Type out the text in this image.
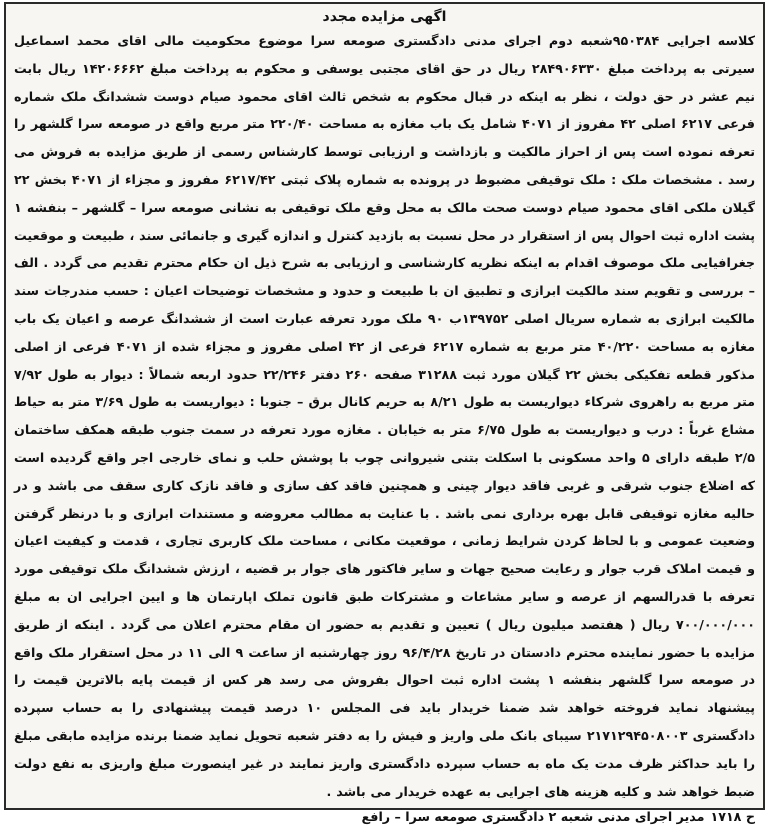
اگهی مزایده مجدد

کلاسه اجرایی ۹۵۰۳۸۴شعبه دوم اجرای مدنی دادگستری صومعه سرا موضوع محکومیت مالی اقای محمد اسماعیل سیرتی به پرداخت مبلغ ۲۸۴۹۰۶۳۳۰ ریال در حق اقای مجتبی یوسفی و محکوم به پرداخت مبلغ ۱۴۲۰۶۶۶۲ ریال بابت نیم عشر در حق دولت ، نظر به اینکه در قبال محکوم به شخص ثالث اقای محمود صیام دوست ششدانگ ملک شماره فرعی ۶۲۱۷ اصلی ۴۲ مفروز از ۴۰۷۱ شامل یک باب مغازه به مساحت ۲۲۰/۴۰ متر مربع واقع در صومعه سرا گلشهر را تعرفه نموده است پس از احراز مالکیت و بازداشت و ارزیابی توسط کارشناس رسمی از طریق مزایده به فروش می رسد . مشخصات ملک : ملک توقیفی مضبوط در پرونده به شماره پلاک ثبتی ۶۲۱۷/۴۲ مفروز و مجزاء از ۴۰۷۱ بخش ۲۲ گیلان ملکی اقای محمود صیام دوست صحت مالک به محل وقع ملک توقیفی به نشانی صومعه سرا – گلشهر – بنفشه ۱ پشت اداره ثبت احوال پس از استقرار در محل نسبت به بازدید کنترل و اندازه گیری و جانمائی سند ، طبیعت و موقعیت جغرافیایی ملک موصوف اقدام به اینکه نظریه کارشناسی و ارزیابی به شرح ذیل ان حکام محترم تقدیم می گردد . الف – بررسی و تقویم سند مالکیت ابرازی و تطبیق ان با طبیعت و حدود و مشخصات توضیحات اعیان : حسب مندرجات سند مالکیت ابرازی به شماره سریال اصلی ۱۳۹۷۵۲ب ۹۰ ملک مورد تعرفه عبارت است از ششدانگ عرصه و اعیان یک باب مغازه به مساحت ۴۰/۲۲۰ متر مربع به شماره ۶۲۱۷ فرعی از ۴۲ اصلی مفروز و مجزاء شده از ۴۰۷۱ فرعی از اصلی مذکور قطعه تفکیکی بخش ۲۲ گیلان مورد ثبت ۳۱۲۸۸ صفحه ۲۶۰ دفتر ۲۲/۲۴۶ حدود اربعه شمالاً : دیوار به طول ۷/۹۲ متر مربع به راهروی شرکاء دیواریست به طول ۸/۲۱ به حریم کانال برق – جنوبا : دیواریست به طول ۳/۶۹ متر به حیاط مشاع غرباً : درب و دیواریست به طول ۶/۷۵ متر به خیابان . مغازه مورد تعرفه در سمت جنوب طبقه همکف ساختمان ۲/۵ طبقه دارای ۵ واحد مسکونی با اسکلت بتنی شیروانی چوب با پوشش حلب و نمای خارجی اجر واقع گردیده است که اضلاع جنوب شرقی و غربی فاقد دیوار چینی و همچنین فاقد کف سازی و فاقد نازک کاری سقف می باشد و در حالیه مغازه توقیفی قابل بهره برداری نمی باشد . با عنایت به مطالب معروضه و مستندات ابرازی و با درنظر گرفتن وضعیت عمومی و با لحاظ کردن شرایط زمانی ، موقعیت مکانی ، مساحت ملک کاربری تجاری ، قدمت و کیفیت اعیان و قیمت املاک قرب جوار و رعایت صحیح جهات و سایر فاکتور های جوار بر قضیه ، ارزش ششدانگ ملک توقیفی مورد تعرفه با قدرالسهم از عرصه و سایر مشاعات و مشترکات طبق قانون تملک اپارتمان ها و ایین اجرایی ان به مبلغ ۷۰۰/۰۰۰/۰۰۰ ریال ( هفتصد میلیون ریال ) تعیین و تقدیم به حضور ان مقام محترم اعلان می گردد . اینکه از طریق مزایده با حضور نماینده محترم دادستان در تاریخ ۹۶/۴/۲۸ روز چهارشنبه از ساعت ۹ الی ۱۱ در محل استقرار ملک واقع در صومعه سرا گلشهر بنفشه ۱ پشت اداره ثبت احوال بفروش می رسد هر کس از قیمت پایه بالاترین قیمت را پیشنهاد نماید فروخته خواهد شد ضمنا خریدار باید فی المجلس ۱۰ درصد قیمت پیشنهادی را به حساب سپرده دادگستری ۲۱۷۱۲۹۴۵۰۸۰۰۳ سیبای بانک ملی واریز و فیش را به دفتر شعبه تحویل نماید ضمنا برنده مزایده مابقی مبلغ را باید حداکثر ظرف مدت یک ماه به حساب سپرده دادگستری واریز نمایند در غیر اینصورت مبلغ واریزی به نفع دولت ضبط خواهد شد و کلیه هزینه های اجرایی به عهده خریدار می باشد .

ح ۱۷۱۸
مدیر اجرای مدنی شعبه ۲ دادگستری صومعه سرا – رافع
